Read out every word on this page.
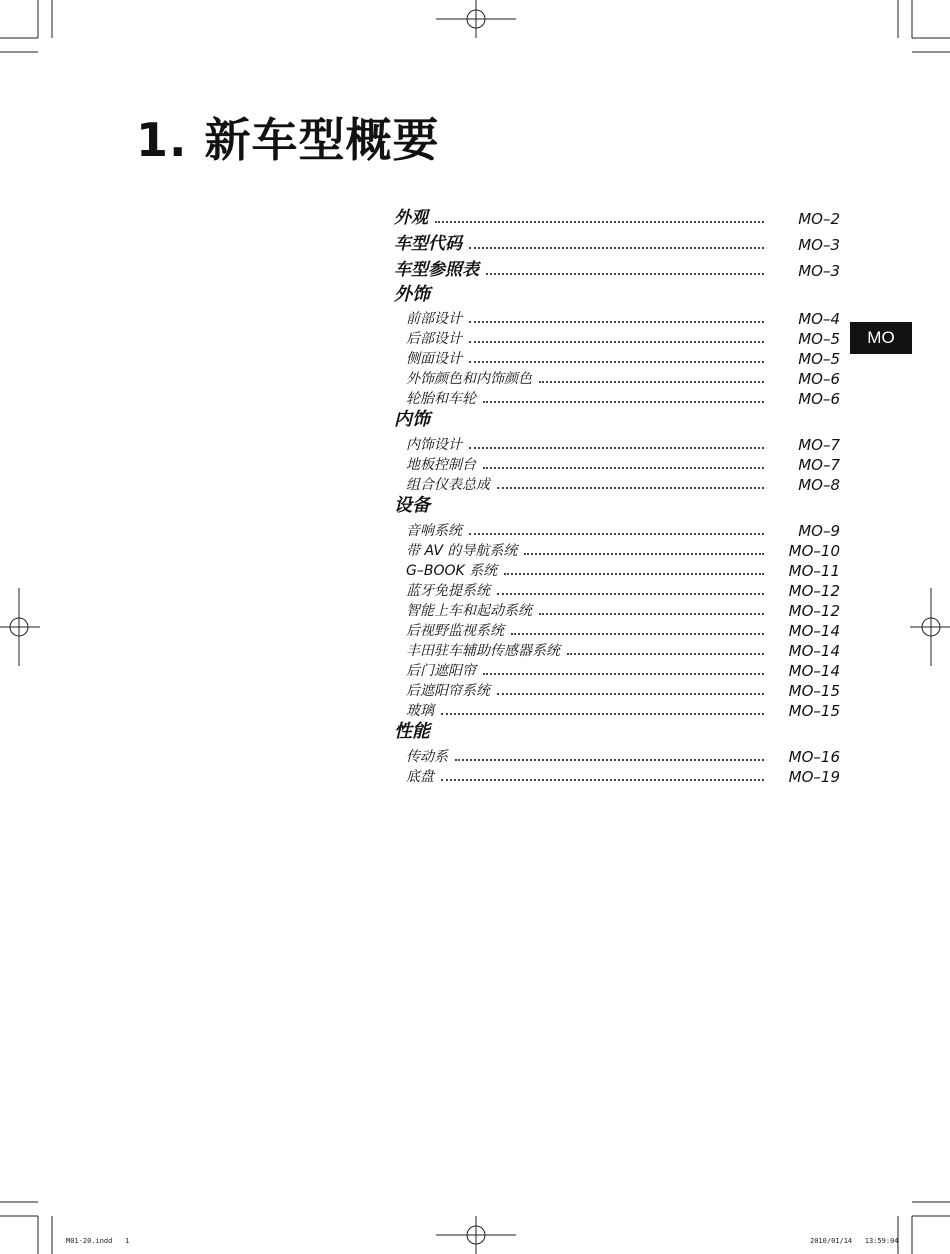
1. 新车型概要
外观	MO–2
车型代码	MO–3
车型参照表	MO–3
外饰
前部设计	MO–4
后部设计	MO–5
侧面设计	MO–5
外饰颜色和内饰颜色	MO–6
轮胎和车轮	MO–6
内饰
内饰设计	MO–7
地板控制台	MO–7
组合仪表总成	MO–8
设备
音响系统	MO–9
带 AV 的导航系统	MO–10
G–BOOK 系统	MO–11
蓝牙免提系统	MO–12
智能上车和起动系统	MO–12
后视野监视系统	MO–14
丰田驻车辅助传感器系统	MO–14
后门遮阳帘	MO–14
后遮阳帘系统	MO–15
玻璃	MO–15
性能
传动系	MO–16
底盘	MO–19
MO
M01-20.indd   1	2010/01/14   13:59:04
